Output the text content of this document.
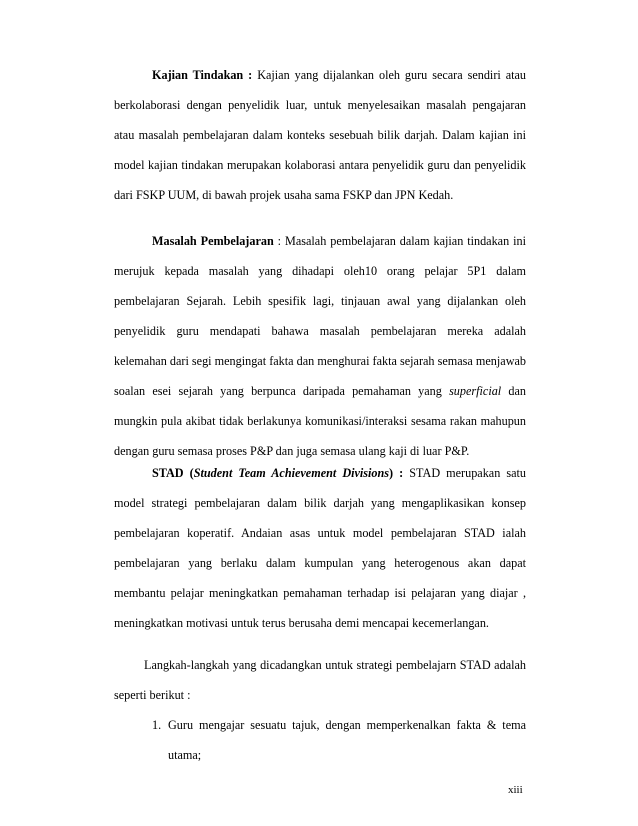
Kajian Tindakan : Kajian yang dijalankan oleh guru secara sendiri atau berkolaborasi dengan penyelidik luar, untuk menyelesaikan masalah pengajaran atau masalah pembelajaran dalam konteks sesebuah bilik darjah. Dalam kajian ini model kajian tindakan merupakan kolaborasi antara penyelidik guru dan penyelidik dari FSKP UUM, di bawah projek usaha sama FSKP dan JPN Kedah.

Masalah Pembelajaran : Masalah pembelajaran dalam kajian tindakan ini merujuk kepada masalah yang dihadapi oleh10 orang pelajar 5P1 dalam pembelajaran Sejarah. Lebih spesifik lagi, tinjauan awal yang dijalankan oleh penyelidik guru mendapati bahawa masalah pembelajaran mereka adalah kelemahan dari segi mengingat fakta dan menghurai fakta sejarah semasa menjawab soalan esei sejarah yang berpunca daripada pemahaman yang superficial dan mungkin pula akibat tidak berlakunya komunikasi/interaksi sesama rakan mahupun dengan guru semasa proses P&P dan juga semasa ulang kaji di luar P&P.

STAD (Student Team Achievement Divisions) : STAD merupakan satu model strategi pembelajaran dalam bilik darjah yang mengaplikasikan konsep pembelajaran koperatif. Andaian asas untuk model pembelajaran STAD ialah pembelajaran yang berlaku dalam kumpulan yang heterogenous akan dapat membantu pelajar meningkatkan pemahaman terhadap isi pelajaran yang diajar , meningkatkan motivasi untuk terus berusaha demi mencapai kecemerlangan.

Langkah-langkah yang dicadangkan untuk strategi pembelajarn STAD adalah seperti berikut :

1. Guru mengajar sesuatu tajuk, dengan memperkenalkan fakta & tema utama;
xiii
